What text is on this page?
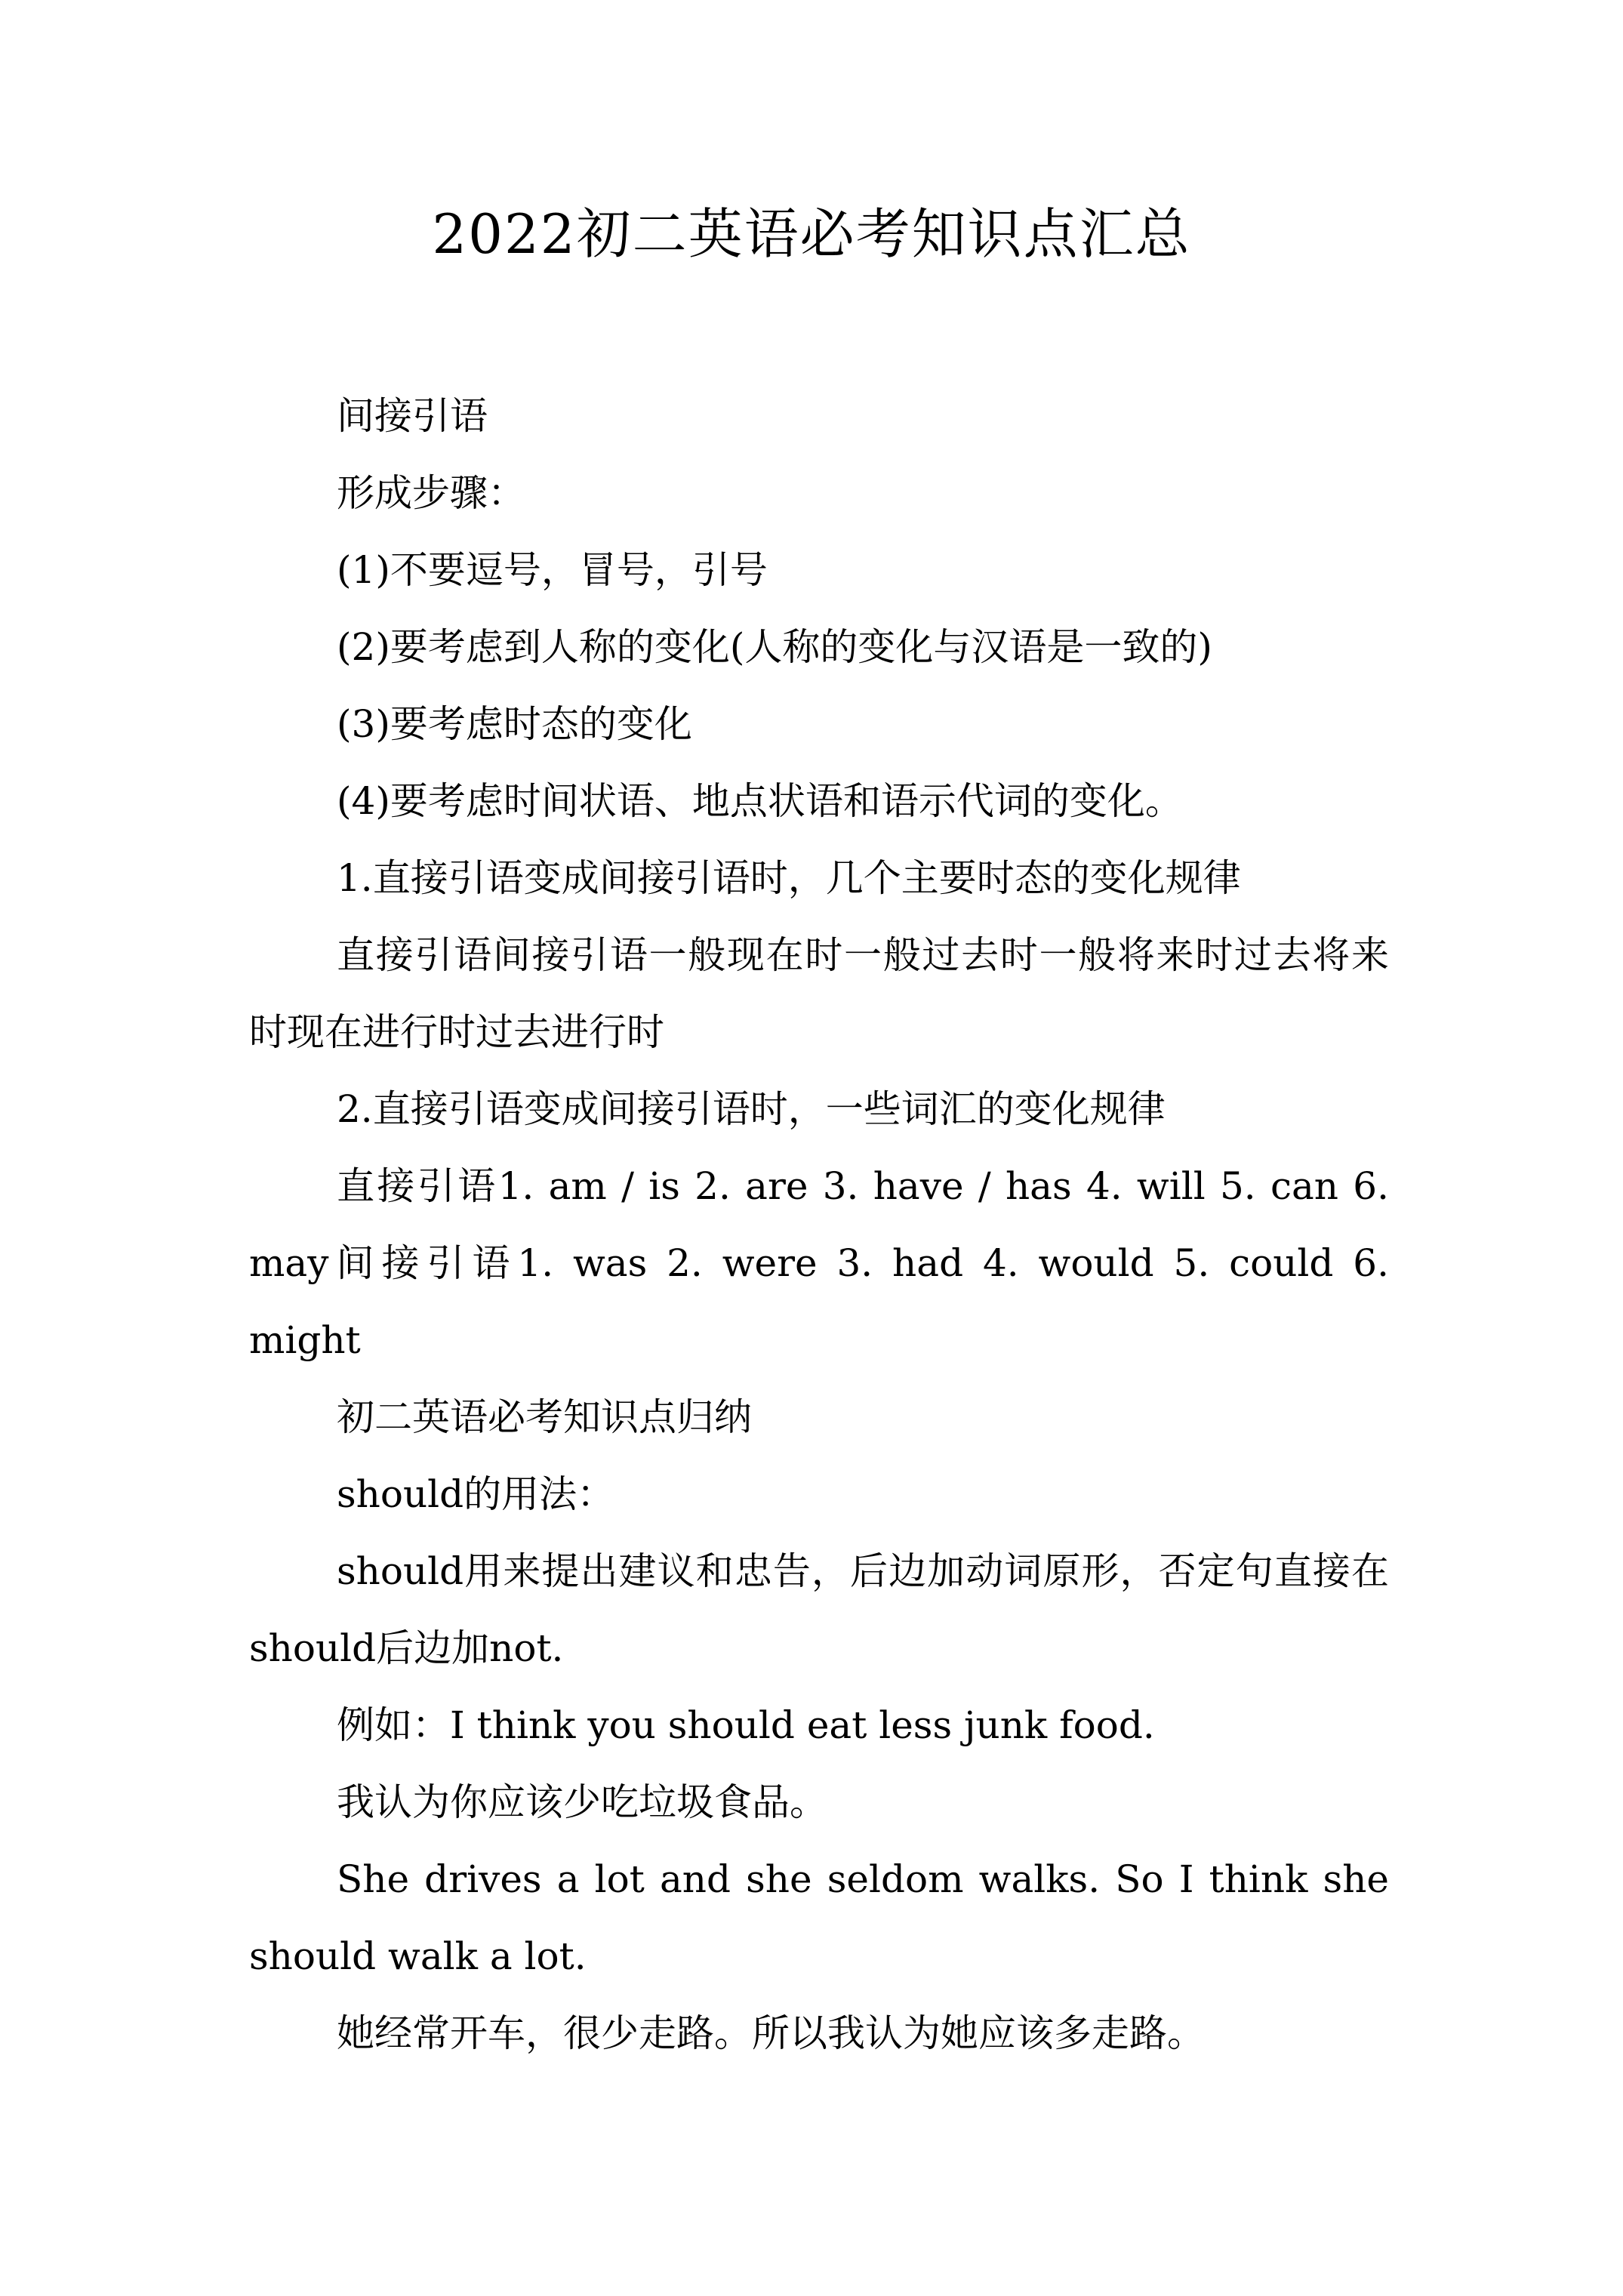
2022初二英语必考知识点汇总

间接引语

形成步骤：

(1)不要逗号，冒号，引号

(2)要考虑到人称的变化(人称的变化与汉语是一致的)

(3)要考虑时态的变化

(4)要考虑时间状语、地点状语和语示代词的变化。

1.直接引语变成间接引语时，几个主要时态的变化规律

直接引语间接引语一般现在时一般过去时一般将来时过去将来时现在进行时过去进行时

2.直接引语变成间接引语时，一些词汇的变化规律

直接引语1. am / is 2. are 3. have / has 4. will 5. can 6. may间接引语1. was 2. were 3. had 4. would 5. could 6. might

初二英语必考知识点归纳

should的用法：

should用来提出建议和忠告，后边加动词原形，否定句直接在should后边加not.

例如：I think you should eat less junk food.

我认为你应该少吃垃圾食品。

She drives a lot and she seldom walks. So I think she should walk a lot.

她经常开车，很少走路。所以我认为她应该多走路。
